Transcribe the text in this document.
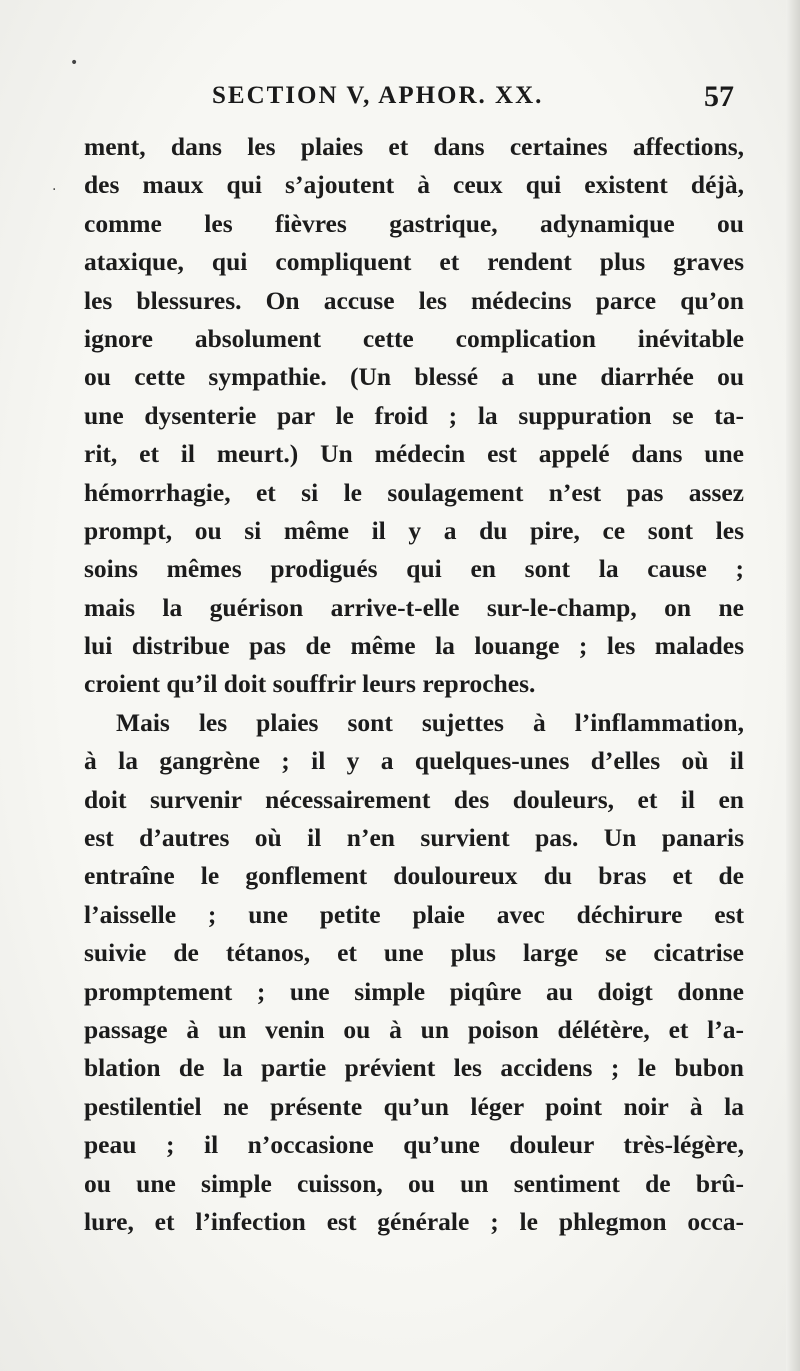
•
·
SECTION V, APHOR. XX.	57
ment, dans les plaies et dans certaines affections,
des maux qui s’ajoutent à ceux qui existent déjà,
comme les fièvres gastrique, adynamique ou
ataxique, qui compliquent et rendent plus graves
les blessures. On accuse les médecins parce qu’on
ignore absolument cette complication inévitable
ou cette sympathie. (Un blessé a une diarrhée ou
une dysenterie par le froid ; la suppuration se ta-
rit, et il meurt.) Un médecin est appelé dans une
hémorrhagie, et si le soulagement n’est pas assez
prompt, ou si même il y a du pire, ce sont les
soins mêmes prodigués qui en sont la cause ;
mais la guérison arrive-t-elle sur-le-champ, on ne
lui distribue pas de même la louange ; les malades
croient qu’il doit souffrir leurs reproches.
Mais les plaies sont sujettes à l’inflammation,
à la gangrène ; il y a quelques-unes d’elles où il
doit survenir nécessairement des douleurs, et il en
est d’autres où il n’en survient pas. Un panaris
entraîne le gonflement douloureux du bras et de
l’aisselle ; une petite plaie avec déchirure est
suivie de tétanos, et une plus large se cicatrise
promptement ; une simple piqûre au doigt donne
passage à un venin ou à un poison délétère, et l’a-
blation de la partie prévient les accidens ; le bubon
pestilentiel ne présente qu’un léger point noir à la
peau ; il n’occasione qu’une douleur très-légère,
ou une simple cuisson, ou un sentiment de brû-
lure, et l’infection est générale ; le phlegmon occa-
